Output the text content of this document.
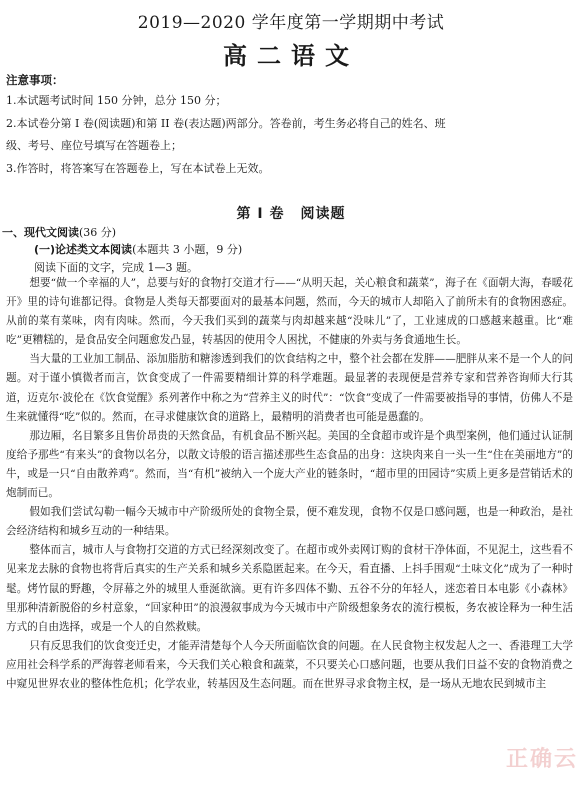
2019—2020 学年度第一学期期中考试
高二语文
注意事项：
1.本试题考试时间 150 分钟，总分 150 分；
2.本试卷分第 I 卷(阅读题)和第 II 卷(表达题)两部分。答卷前，考生务必将自己的姓名、班
级、考号、座位号填写在答题卷上；
3.作答时，将答案写在答题卷上，写在本试卷上无效。
第 I 卷 阅读题
一、现代文阅读(36 分)
(一)论述类文本阅读(本题共 3 小题，9 分)
阅读下面的文字，完成 1—3 题。

想要“做一个幸福的人”，总要与好的食物打交道才行——“从明天起，关心粮食和蔬菜”，海子在《面朝大海，春暖花开》里的诗句谁都记得。食物是人类每天都要面对的最基本问题，然而，今天的城市人却陷入了前所未有的食物困惑症。从前的菜有菜味，肉有肉味。然而，今天我们买到的蔬菜与肉却越来越“没味儿”了，工业速成的口感越来越重。比“难吃”更糟糕的，是食品安全问题愈发凸显，转基因的使用令人困扰，不健康的外卖与务食通地生长。

当大量的工业加工制品、添加脂肪和糖渗透到我们的饮食结构之中，整个社会都在发胖——肥胖从来不是一个人的问题。对于谨小慎微者而言，饮食变成了一件需要精细计算的科学难题。最显著的表现便是营养专家和营养咨询师大行其道，迈克尔·波伦在《饮食觉醒》系列著作中称之为“营养主义的时代”：“饮食”变成了一件需要被指导的事情，仿佛人不是生来就懂得“吃”似的。然而，在寻求健康饮食的道路上，最精明的消费者也可能是愚蠢的。

那边厢，名目繁多且售价昂贵的天然食品，有机食品不断兴起。美国的全食超市或许是个典型案例，他们通过认证制度给予那些“有来头”的食物以名分，以散文诗般的语言描述那些生态食品的出身：这块肉来自一头一生“住在美丽地方”的牛，或是一只“自由散养鸡”。然而，当“有机”被纳入一个庞大产业的链条时，“超市里的田园诗”实质上更多是营销话术的炮制而已。

假如我们尝试勾勒一幅今天城市中产阶级所处的食物全景，便不难发现，食物不仅是口感问题，也是一种政治，是社会经济结构和城乡互动的一种结果。

整体而言，城市人与食物打交道的方式已经深刻改变了。在超市或外卖网订购的食材干净体面，不见泥土，这些看不见来龙去脉的食物也将背后真实的生产关系和城乡关系隐匿起来。在今天，看直播、上抖手围观“土味文化”成为了一种时髦。烤竹鼠的野趣，令屏幕之外的城里人垂涎欲滴。更有许多四体不勤、五谷不分的年轻人，迷恋着日本电影《小森林》里那种清新脱俗的乡村意象，“回家种田”的浪漫叙事成为今天城市中产阶级想象务农的流行模板，务农被诠释为一种生活方式的自由选择，或是一个人的自然救赎。

只有反思我们的饮食变迁史，才能弄清楚每个人今天所面临饮食的问题。在人民食物主权发起人之一、香港理工大学应用社会科学系的严海蓉老师看来，今天我们关心粮食和蔬菜，不只要关心口感问题，也要从我们日益不安的食物消费之中窥见世界农业的整体性危机；化学农业，转基因及生态问题。而在世界寻求食物主权，是一场从无地农民到城市主

正确云
